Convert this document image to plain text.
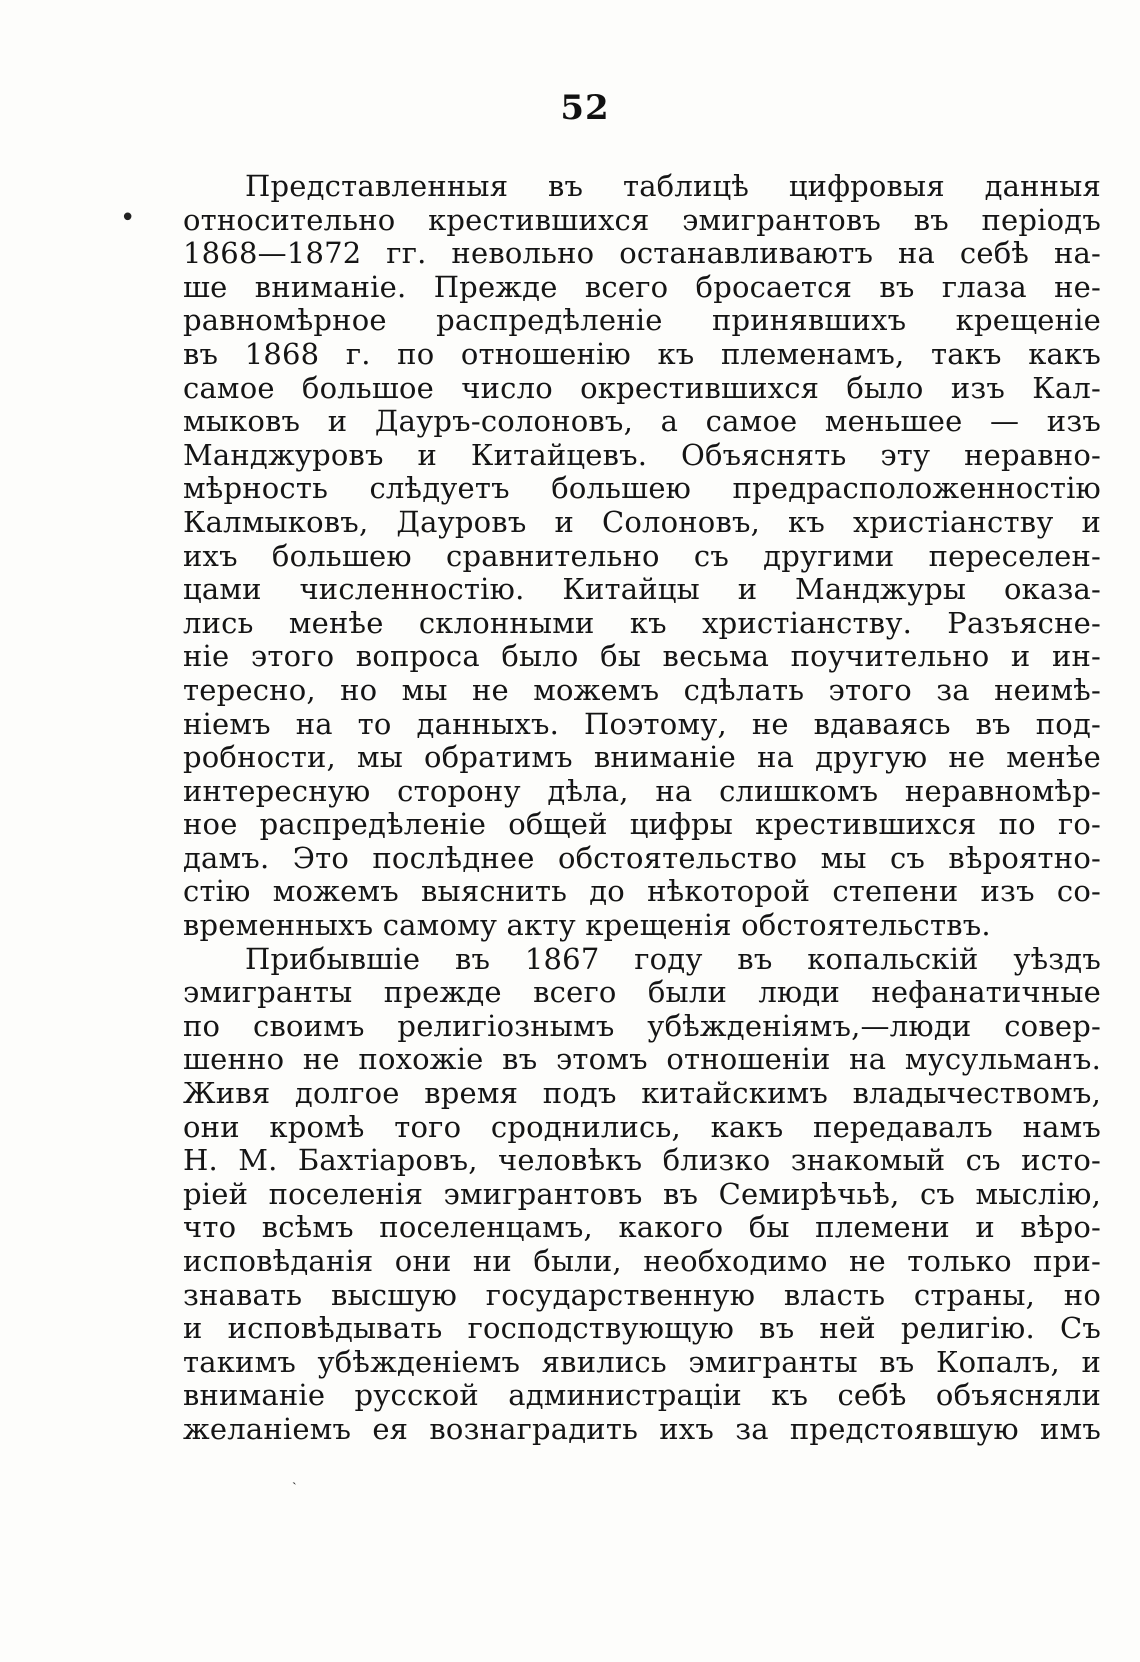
•
˴
52
Представленныя въ таблицѣ цифровыя данныя
относительно крестившихся эмигрантовъ въ періодъ
1868—1872 гг. невольно останавливаютъ на себѣ на-
ше вниманіе. Прежде всего бросается въ глаза нe-
равномѣрное распредѣленіе принявшихъ крещеніе
въ 1868 г. по отношенію къ племенамъ, такъ какъ
самое большое число окрестившихся было изъ Кал-
мыковъ и Дауръ-солоновъ, а самое меньшее — изъ
Манджуровъ и Китайцевъ. Объяснять эту неравно-
мѣрность слѣдуетъ большею предрасположенностію
Калмыковъ, Дауровъ и Солоновъ, къ христіанству и
ихъ большею сравнительно съ другими переселен-
цами численностію. Китайцы и Манджуры оказа-
лись менѣе склонными къ христіанству. Разъясне-
ніе этого вопроса было бы весьма поучительно и ин-
тересно, но мы не можемъ сдѣлать этого за неимѣ-
ніемъ на то данныхъ. Поэтому, не вдаваясь въ под-
робности, мы обратимъ вниманіе на другую не менѣе
интересную сторону дѣла, на слишкомъ неравномѣр-
ное распредѣленіе общей цифры крестившихся по го-
дамъ. Это послѣднее обстоятельство мы съ вѣроятно-
стію можемъ выяснить до нѣкоторой степени изъ со-
временныхъ самому акту крещенія обстоятельствъ.
Прибывшіе въ 1867 году въ копальскій уѣздъ
эмигранты прежде всего были люди нефанатичные
по своимъ религіознымъ убѣжденіямъ,—люди совер-
шенно не похожіе въ этомъ отношеніи на мусульманъ.
Живя долгое время подъ китайскимъ владычествомъ,
они кромѣ того сроднились, какъ передавалъ намъ
Н. М. Бахтіаровъ, человѣкъ близко знакомый съ исто-
ріей поселенія эмигрантовъ въ Семирѣчьѣ, съ мыслію,
что всѣмъ поселенцамъ, какого бы племени и вѣро-
исповѣданія они ни были, необходимо не только при-
знавать высшую государственную власть страны, но
и исповѣдывать господствующую въ ней религію. Съ
такимъ убѣжденіемъ явились эмигранты въ Копалъ, и
вниманіе русской администраціи къ себѣ объясняли
желаніемъ ея вознаградить ихъ за предстоявшую имъ
